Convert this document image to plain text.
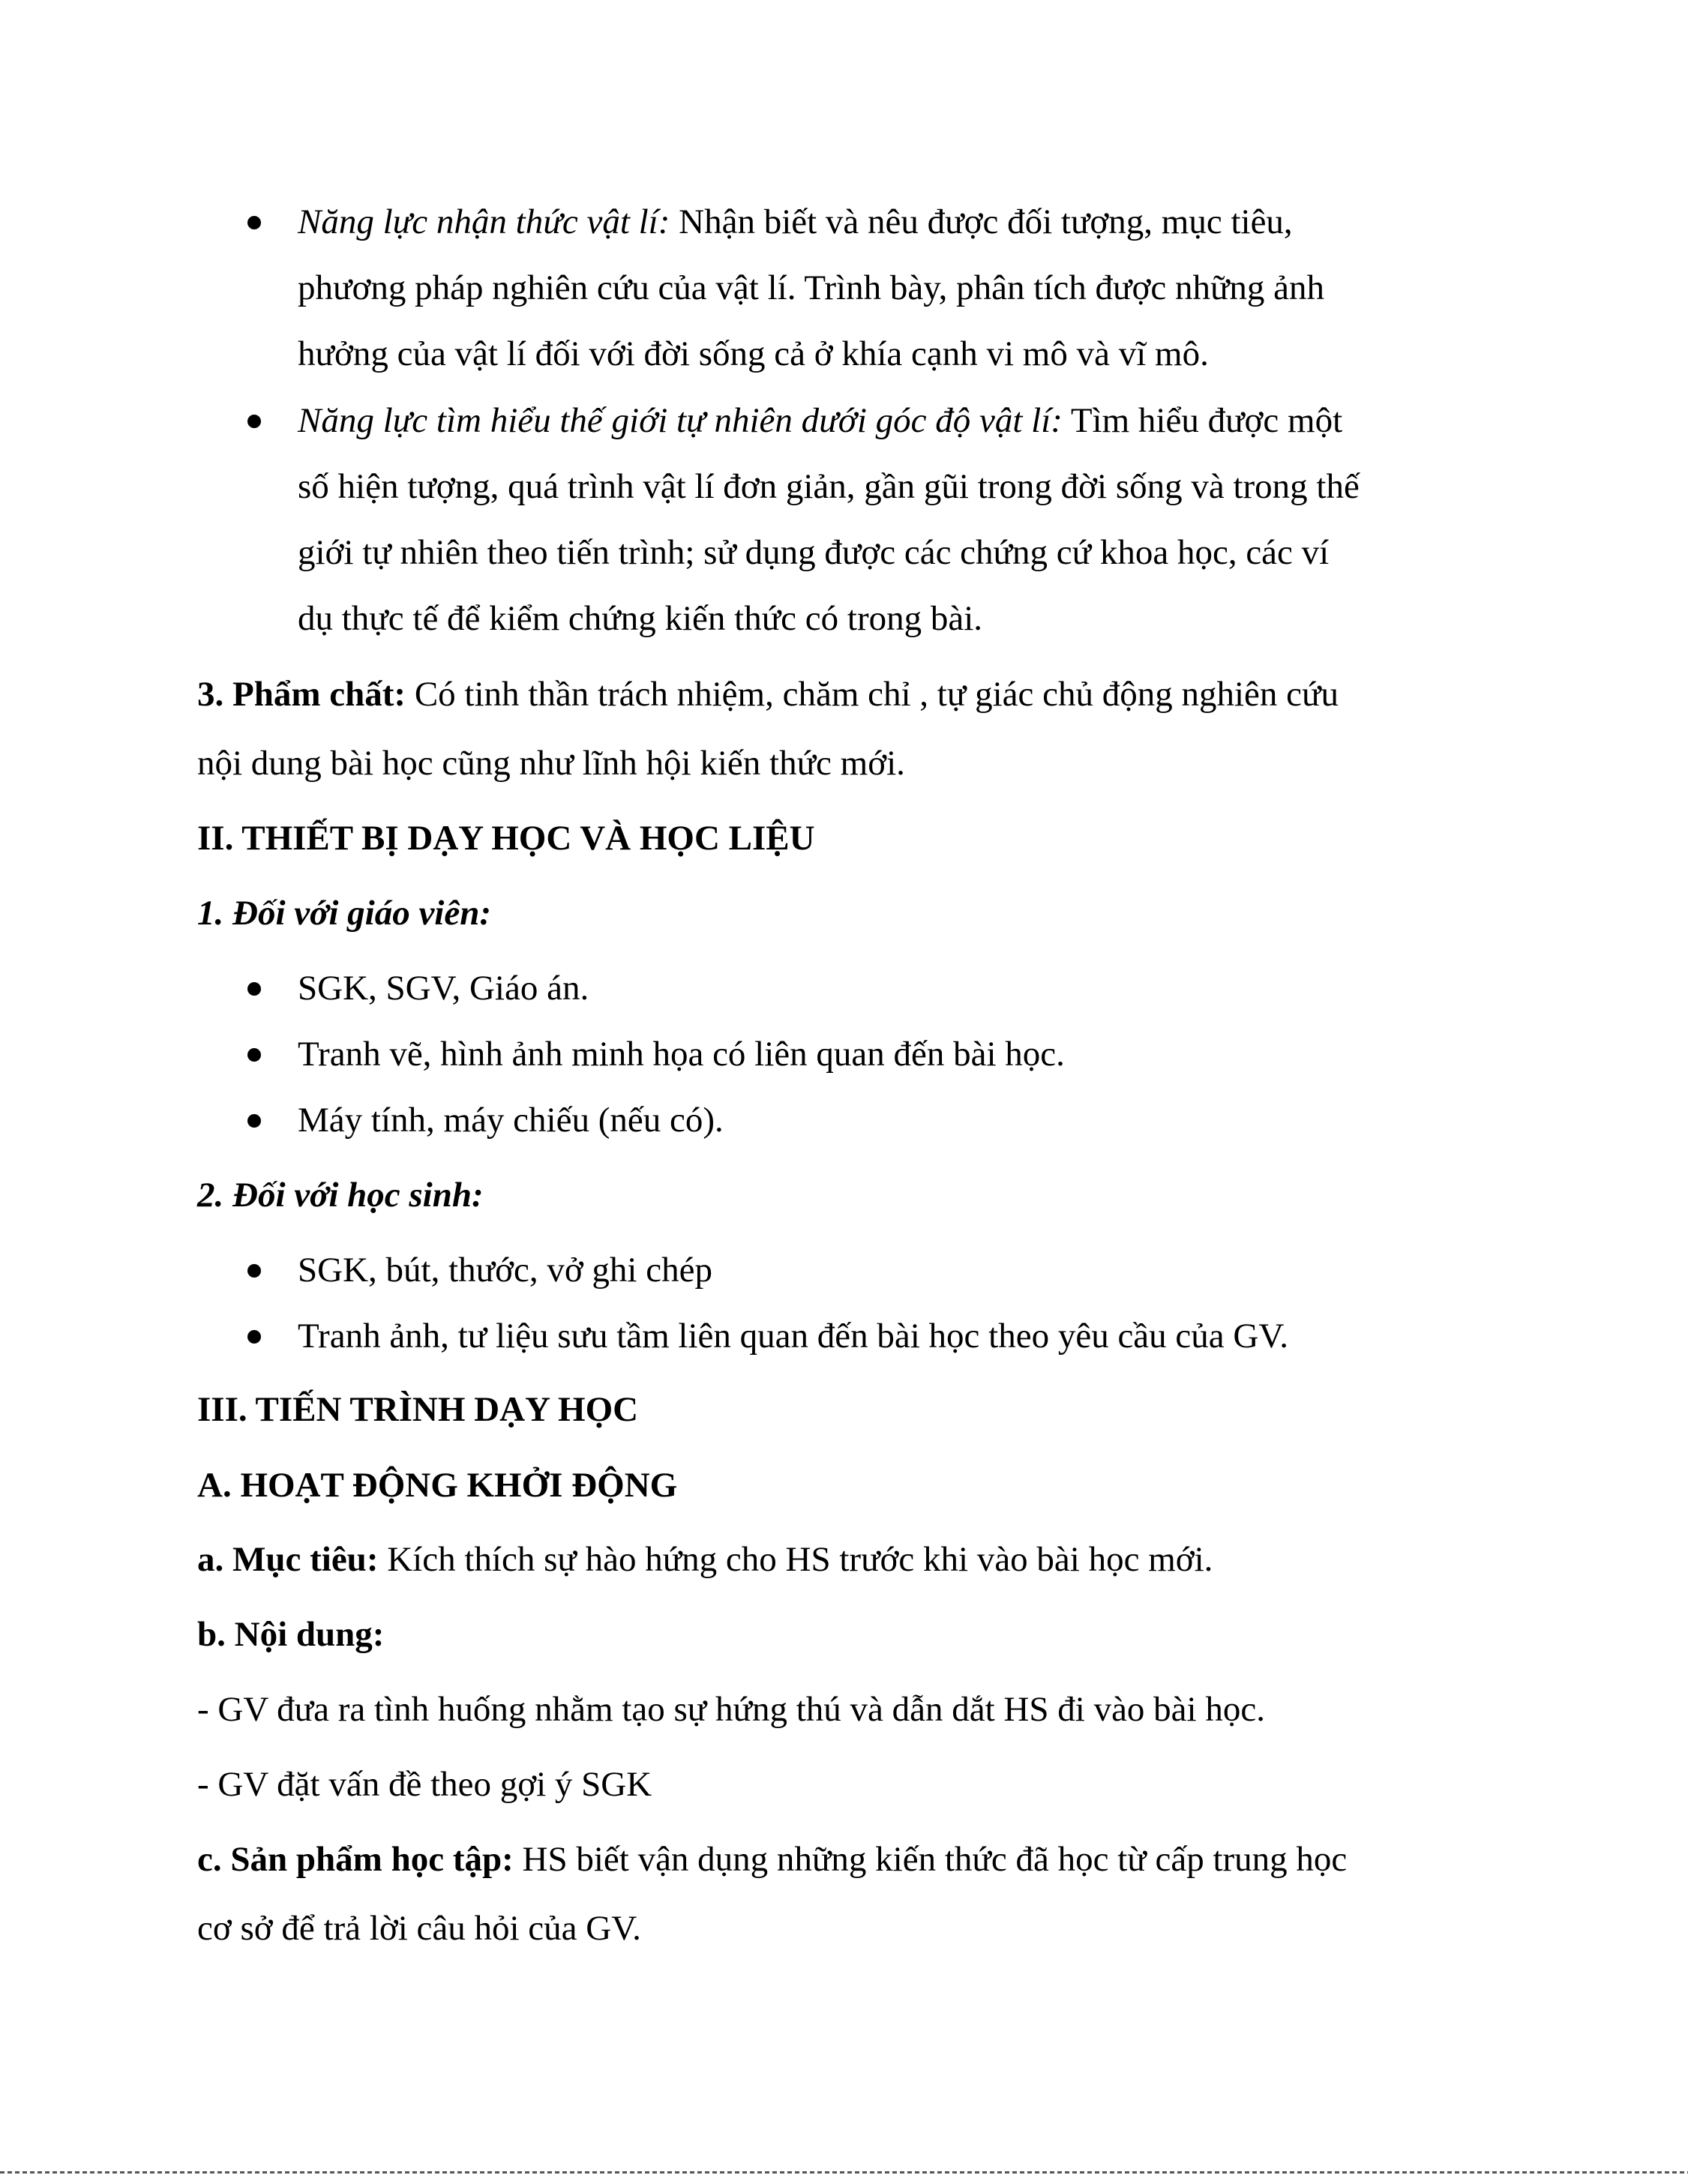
Năng lực nhận thức vật lí: Nhận biết và nêu được đối tượng, mục tiêu,
phương pháp nghiên cứu của vật lí. Trình bày, phân tích được những ảnh
hưởng của vật lí đối với đời sống cả ở khía cạnh vi mô và vĩ mô.
Năng lực tìm hiểu thế giới tự nhiên dưới góc độ vật lí: Tìm hiểu được một
số hiện tượng, quá trình vật lí đơn giản, gần gũi trong đời sống và trong thế
giới tự nhiên theo tiến trình; sử dụng được các chứng cứ khoa học, các ví
dụ thực tế để kiểm chứng kiến thức có trong bài.
3. Phẩm chất: Có tinh thần trách nhiệm, chăm chỉ , tự giác chủ động nghiên cứu
nội dung bài học cũng như lĩnh hội kiến thức mới.
II. THIẾT BỊ DẠY HỌC VÀ HỌC LIỆU
1. Đối với giáo viên:
SGK, SGV, Giáo án.
Tranh vẽ, hình ảnh minh họa có liên quan đến bài học.
Máy tính, máy chiếu (nếu có).
2. Đối với học sinh:
SGK, bút, thước, vở ghi chép
Tranh ảnh, tư liệu sưu tầm liên quan đến bài học theo yêu cầu của GV.
III. TIẾN TRÌNH DẠY HỌC
A. HOẠT ĐỘNG KHỞI ĐỘNG
a. Mục tiêu: Kích thích sự hào hứng cho HS trước khi vào bài học mới.
b. Nội dung:
- GV đưa ra tình huống nhằm tạo sự hứng thú và dẫn dắt HS đi vào bài học.
- GV đặt vấn đề theo gợi ý SGK
c. Sản phẩm học tập: HS biết vận dụng những kiến thức đã học từ cấp trung học
cơ sở để trả lời câu hỏi của GV.
